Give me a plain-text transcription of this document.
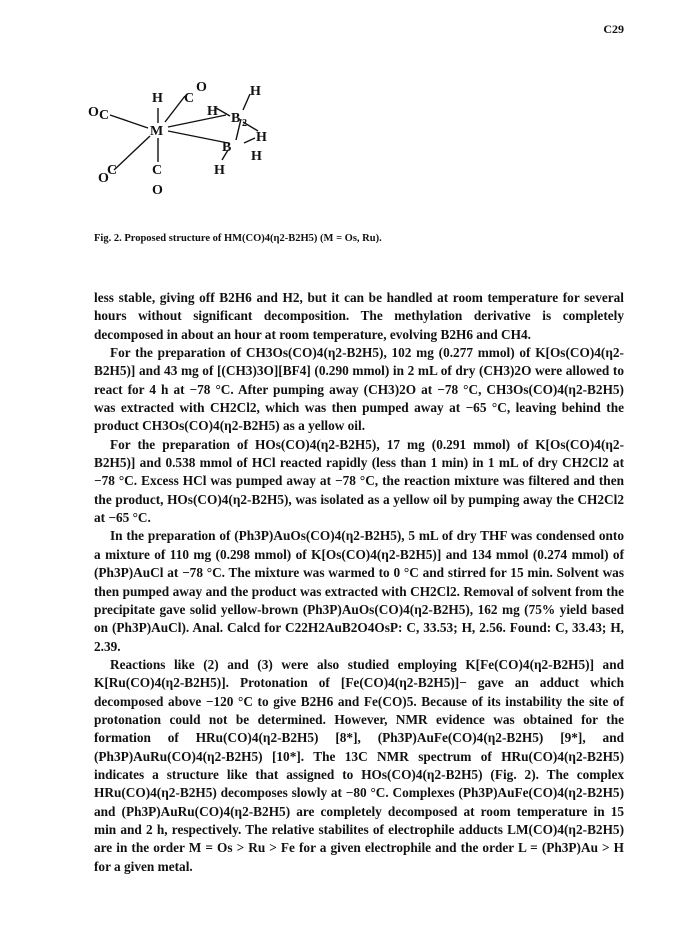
C29
H C
O
H
H
O C
M
B 2
H
B
H
O
C C	H
O
Fig. 2. Proposed structure of HM(CO)4(η2-B2H5) (M = Os, Ru).

less stable, giving off B2H6 and H2, but it can be handled at room temperature for several hours without significant decomposition. The methylation derivative is completely decomposed in about an hour at room temperature, evolving B2H6 and CH4.

For the preparation of CH3Os(CO)4(η2-B2H5), 102 mg (0.277 mmol) of K[Os(CO)4(η2-B2H5)] and 43 mg of [(CH3)3O][BF4] (0.290 mmol) in 2 mL of dry (CH3)2O were allowed to react for 4 h at −78 °C. After pumping away (CH3)2O at −78 °C, CH3Os(CO)4(η2-B2H5) was extracted with CH2Cl2, which was then pumped away at −65 °C, leaving behind the product CH3Os(CO)4(η2-B2H5) as a yellow oil.

For the preparation of HOs(CO)4(η2-B2H5), 17 mg (0.291 mmol) of K[Os(CO)4(η2-B2H5)] and 0.538 mmol of HCl reacted rapidly (less than 1 min) in 1 mL of dry CH2Cl2 at −78 °C. Excess HCl was pumped away at −78 °C, the reaction mixture was filtered and then the product, HOs(CO)4(η2-B2H5), was isolated as a yellow oil by pumping away the CH2Cl2 at −65 °C.

In the preparation of (Ph3P)AuOs(CO)4(η2-B2H5), 5 mL of dry THF was condensed onto a mixture of 110 mg (0.298 mmol) of K[Os(CO)4(η2-B2H5)] and 134 mmol (0.274 mmol) of (Ph3P)AuCl at −78 °C. The mixture was warmed to 0 °C and stirred for 15 min. Solvent was then pumped away and the product was extracted with CH2Cl2. Removal of solvent from the precipitate gave solid yellow-brown (Ph3P)AuOs(CO)4(η2-B2H5), 162 mg (75% yield based on (Ph3P)AuCl). Anal. Calcd for C22H2AuB2O4OsP: C, 33.53; H, 2.56. Found: C, 33.43; H, 2.39.

Reactions like (2) and (3) were also studied employing K[Fe(CO)4(η2-B2H5)] and K[Ru(CO)4(η2-B2H5)]. Protonation of [Fe(CO)4(η2-B2H5)]− gave an adduct which decomposed above −120 °C to give B2H6 and Fe(CO)5. Because of its instability the site of protonation could not be determined. However, NMR evidence was obtained for the formation of HRu(CO)4(η2-B2H5) [8*], (Ph3P)AuFe(CO)4(η2-B2H5) [9*], and (Ph3P)AuRu(CO)4(η2-B2H5) [10*]. The 13C NMR spectrum of HRu(CO)4(η2-B2H5) indicates a structure like that assigned to HOs(CO)4(η2-B2H5) (Fig. 2). The complex HRu(CO)4(η2-B2H5) decomposes slowly at −80 °C. Complexes (Ph3P)AuFe(CO)4(η2-B2H5) and (Ph3P)AuRu(CO)4(η2-B2H5) are completely decomposed at room temperature in 15 min and 2 h, respectively. The relative stabilites of electrophile adducts LM(CO)4(η2-B2H5) are in the order M = Os > Ru > Fe for a given electrophile and the order L = (Ph3P)Au > H for a given metal.
